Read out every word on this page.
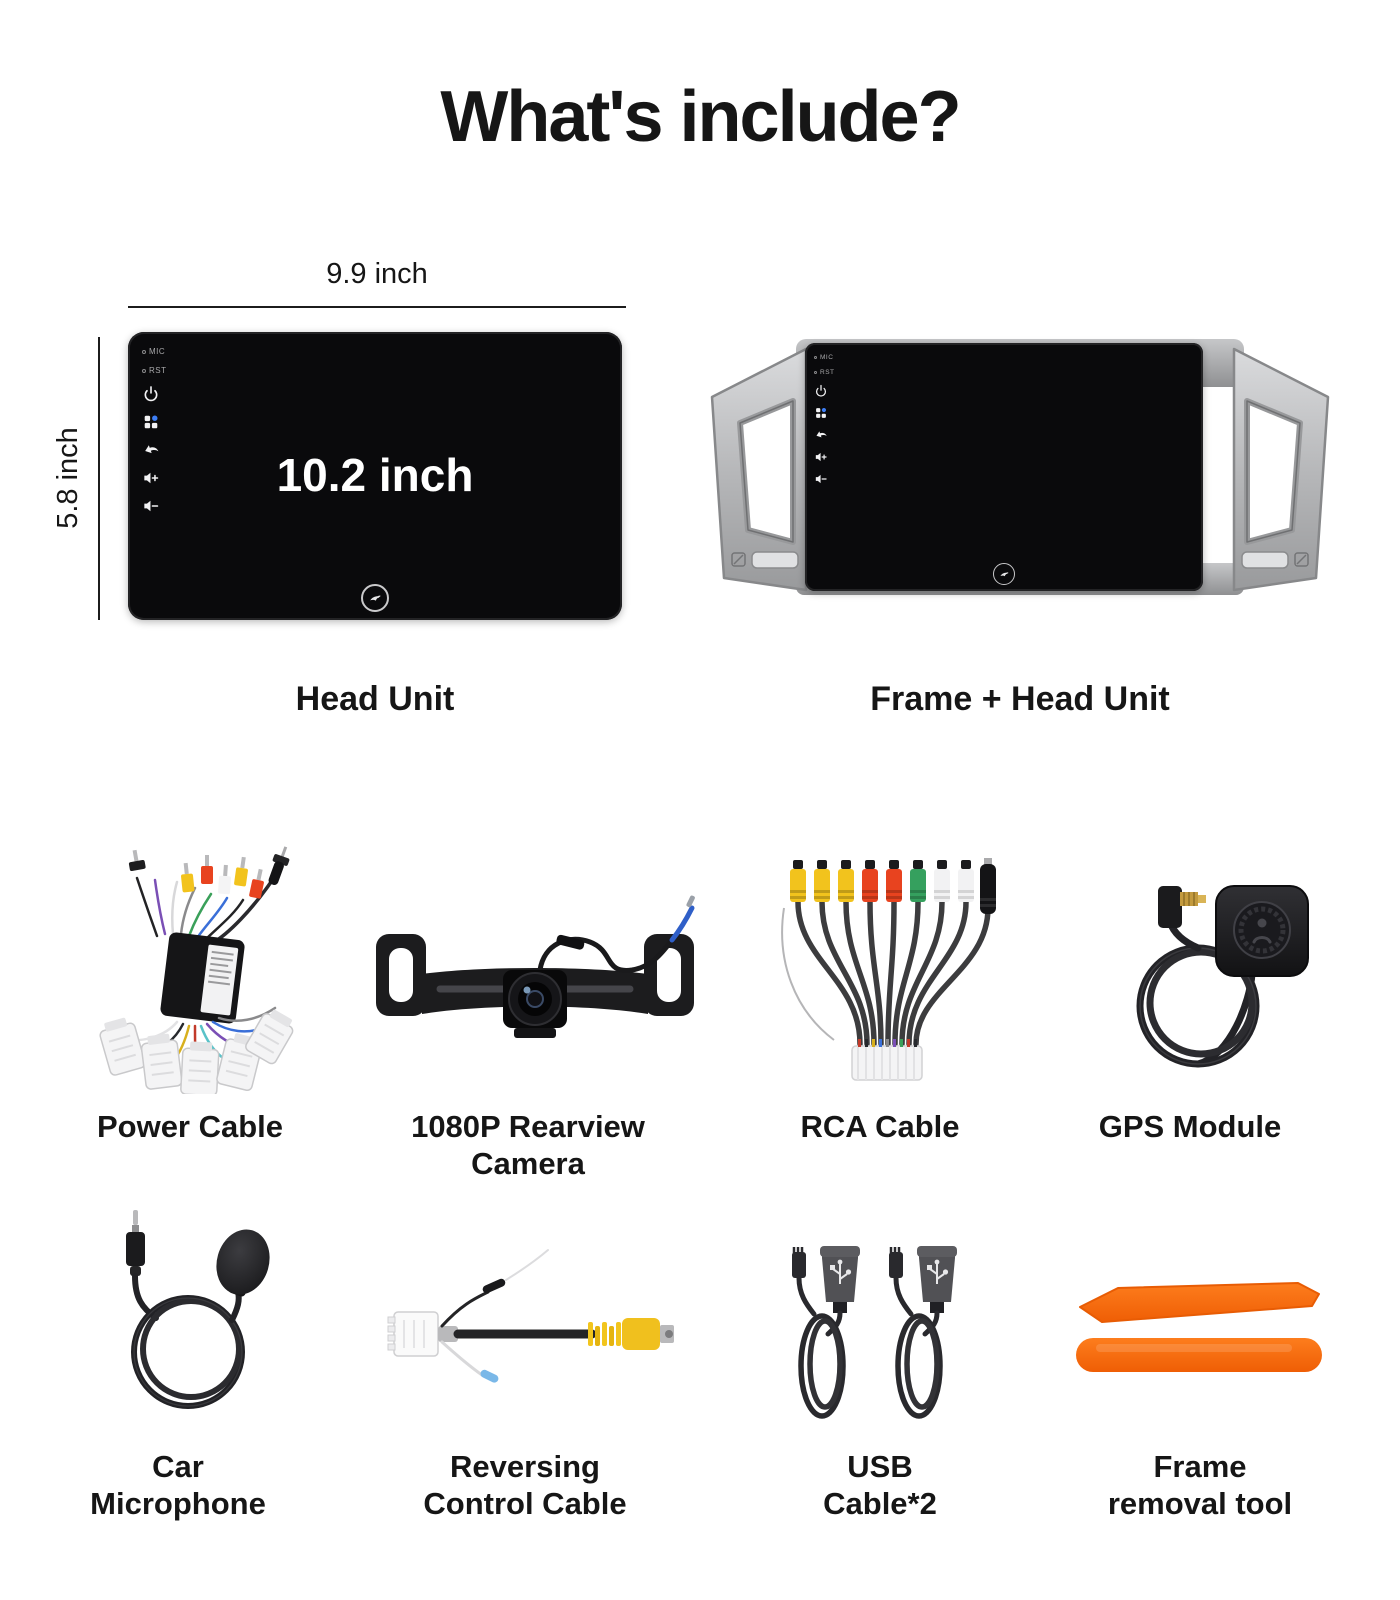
What's include?
9.9 inch
5.8 inch
MIC
RST
10.2 inch
Head Unit
MIC
RST
Frame + Head Unit
Power Cable	1080P Rearview
Camera
RCA Cable	GPS Module
Car
Microphone
Reversing
Control Cable
USB
Cable*2
Frame
removal tool
